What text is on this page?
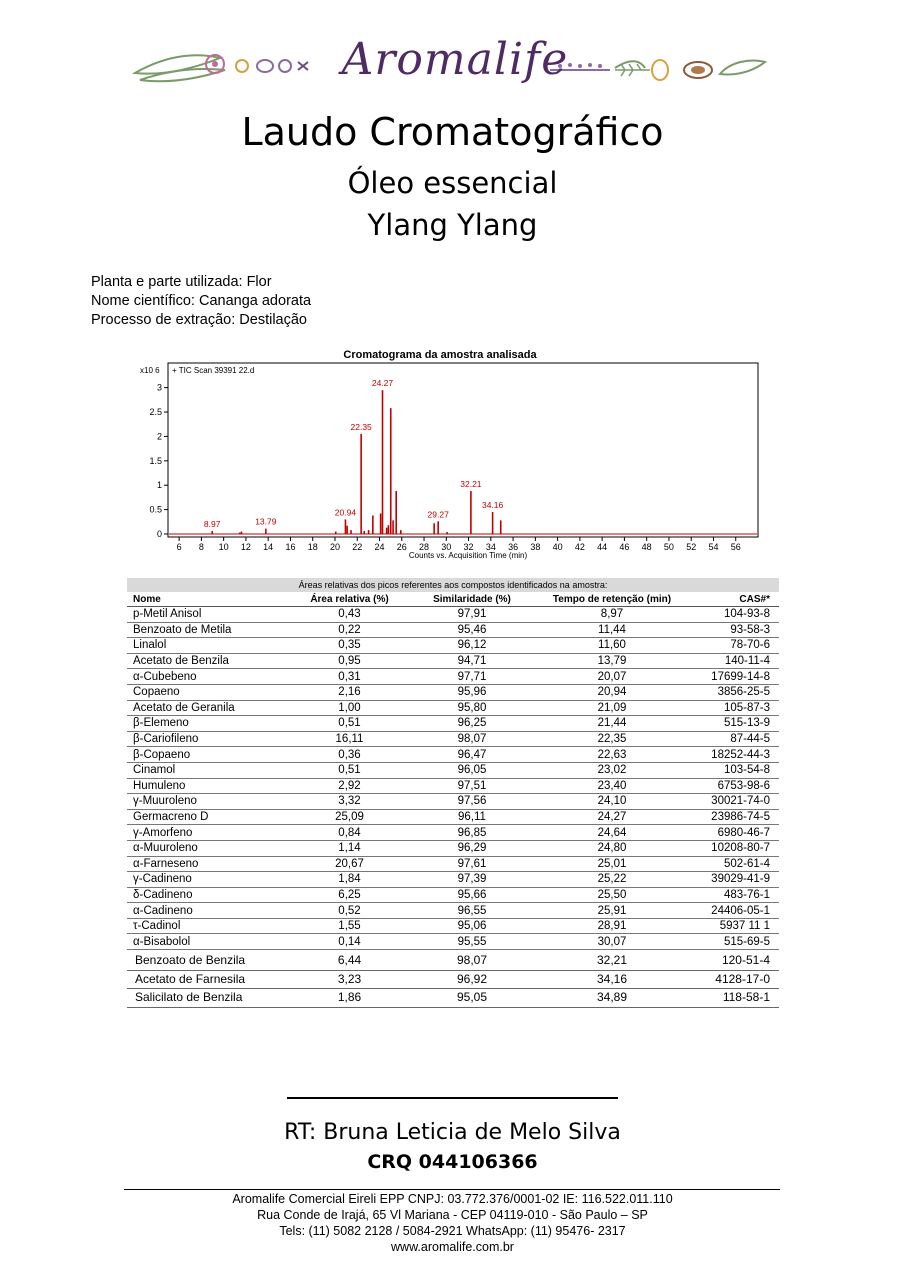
Aromalife
Laudo Cromatográfico
Óleo essencial
Ylang Ylang
Planta e parte utilizada: Flor
Nome científico: Cananga adorata
Processo de extração: Destilação
Cromatograma da amostra analisada
x10 6 + TIC Scan 39391 22.d
0
0.5
1
1.5
2
2.5
3
6 8 10 12 14 16 18 20 22 24 26 28 30 32 34 36 38 40 42 44 46 48 50 52 54 56
8.97	13.79
20.94
22.35
24.27
29.27
32.21
34.16
Counts vs. Acquisition Time (min)
Áreas relativas dos picos referentes aos compostos identificados na amostra:
Nome	Área relativa (%)	Similaridade (%)	Tempo de retenção (min)	CAS#*
p-Metil Anisol	0,43	97,91	8,97	104-93-8
Benzoato de Metila	0,22	95,46	11,44	93-58-3
Linalol	0,35	96,12	11,60	78-70-6
Acetato de Benzila	0,95	94,71	13,79	140-11-4
α-Cubebeno	0,31	97,71	20,07	17699-14-8
Copaeno	2,16	95,96	20,94	3856-25-5
Acetato de Geranila	1,00	95,80	21,09	105-87-3
β-Elemeno	0,51	96,25	21,44	515-13-9
β-Cariofileno	16,11	98,07	22,35	87-44-5
β-Copaeno	0,36	96,47	22,63	18252-44-3
Cinamol	0,51	96,05	23,02	103-54-8
Humuleno	2,92	97,51	23,40	6753-98-6
γ-Muuroleno	3,32	97,56	24,10	30021-74-0
Germacreno D	25,09	96,11	24,27	23986-74-5
γ-Amorfeno	0,84	96,85	24,64	6980-46-7
α-Muuroleno	1,14	96,29	24,80	10208-80-7
α-Farneseno	20,67	97,61	25,01	502-61-4
γ-Cadineno	1,84	97,39	25,22	39029-41-9
δ-Cadineno	6,25	95,66	25,50	483-76-1
α-Cadineno	0,52	96,55	25,91	24406-05-1
τ-Cadinol	1,55	95,06	28,91	5937 11 1
α-Bisabolol	0,14	95,55	30,07	515-69-5
Benzoato de Benzila	6,44	98,07	32,21	120-51-4
Acetato de Farnesila	3,23	96,92	34,16	4128-17-0
Salicilato de Benzila	1,86	95,05	34,89	118-58-1
RT: Bruna Leticia de Melo Silva
CRQ 044106366
Aromalife Comercial Eireli EPP CNPJ: 03.772.376/0001-02 IE: 116.522.011.110
Rua Conde de Irajá, 65 Vl Mariana - CEP 04119-010 - São Paulo – SP
Tels: (11) 5082 2128 / 5084-2921 WhatsApp: (11) 95476- 2317
www.aromalife.com.br
